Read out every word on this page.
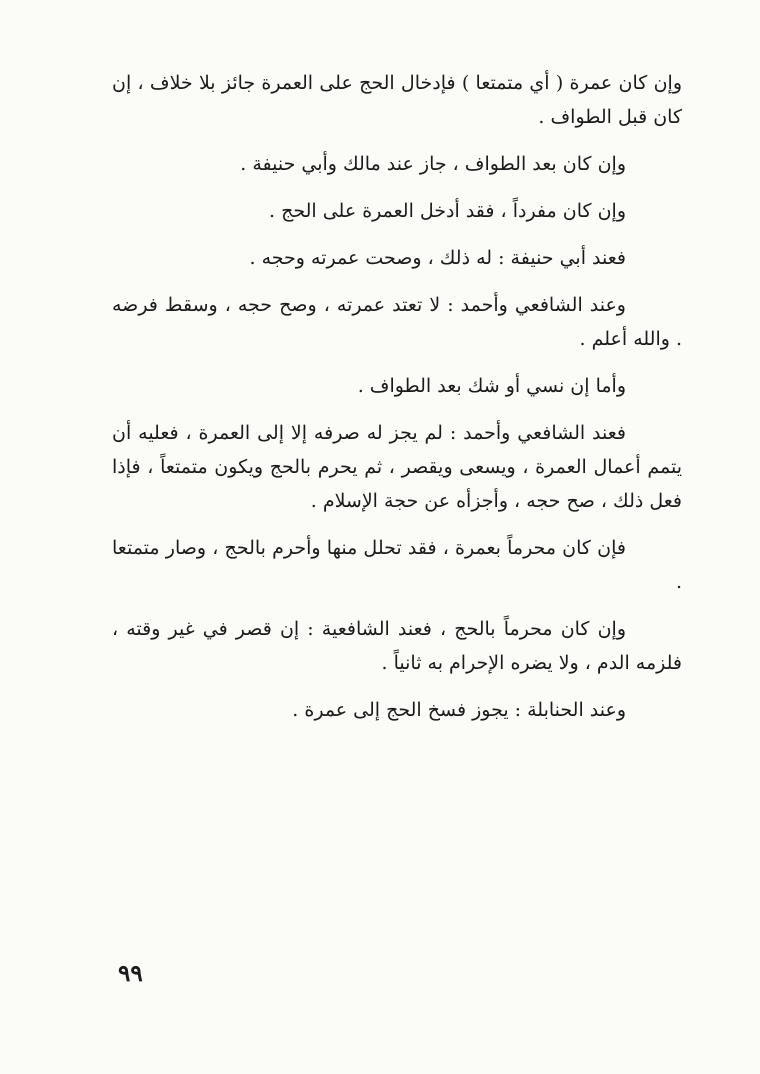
وإن كان عمرة ( أي متمتعا ) فإدخال الحج على العمرة جائز بلا خلاف ، إن كان قبل الطواف .

وإن كان بعد الطواف ، جاز عند مالك وأبي حنيفة .

وإن كان مفرداً ، فقد أدخل العمرة على الحج .

فعند أبي حنيفة : له ذلك ، وصحت عمرته وحجه .

وعند الشافعي وأحمد : لا تعتد عمرته ، وصح حجه ، وسقط فرضه . والله أعلم .

وأما إن نسي أو شك بعد الطواف .

فعند الشافعي وأحمد : لم يجز له صرفه إلا إلى العمرة ، فعليه أن يتمم أعمال العمرة ، ويسعى ويقصر ، ثم يحرم بالحج ويكون متمتعاً ، فإذا فعل ذلك ، صح حجه ، وأجزأه عن حجة الإسلام .

فإن كان محرماً بعمرة ، فقد تحلل منها وأحرم بالحج ، وصار متمتعا .

وإن كان محرماً بالحج ، فعند الشافعية : إن قصر في غير وقته ، فلزمه الدم ، ولا يضره الإحرام به ثانياً .

وعند الحنابلة : يجوز فسخ الحج إلى عمرة .

٩٩
